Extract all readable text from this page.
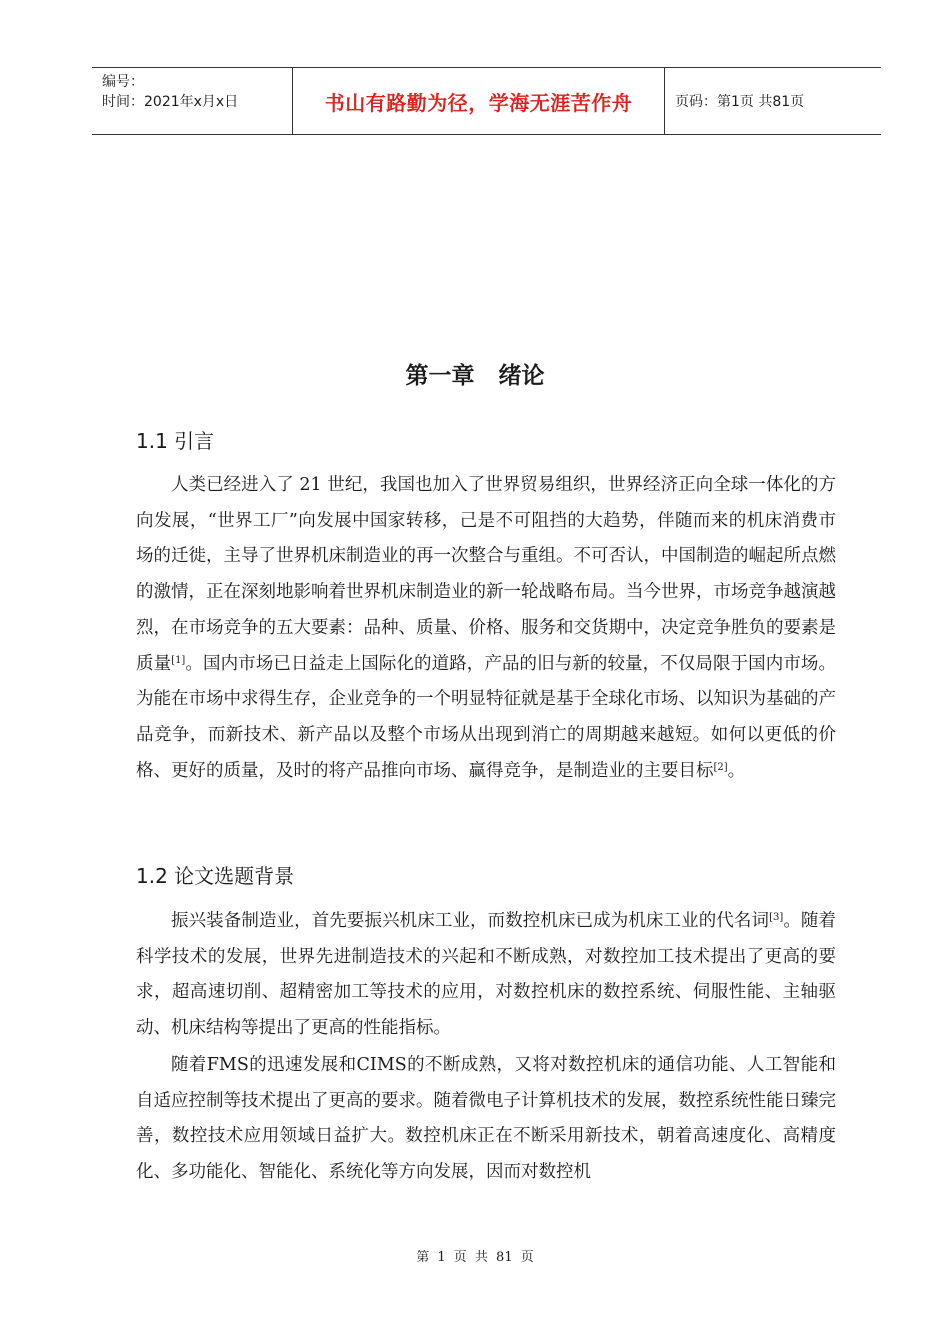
编号：
时间：2021年x月x日	书山有路勤为径，学海无涯苦作舟	页码：第1页 共81页
第一章   绪论
1.1 引言

人类已经进入了 21 世纪，我国也加入了世界贸易组织，世界经济正向全球一体化的方向发展，“世界工厂”向发展中国家转移，己是不可阻挡的大趋势，伴随而来的机床消费市场的迁徙，主导了世界机床制造业的再一次整合与重组。不可否认，中国制造的崛起所点燃的激情，正在深刻地影响着世界机床制造业的新一轮战略布局。当今世界，市场竞争越演越烈，在市场竞争的五大要素：品种、质量、价格、服务和交货期中，决定竞争胜负的要素是质量[1]。国内市场已日益走上国际化的道路，产品的旧与新的较量，不仅局限于国内市场。为能在市场中求得生存，企业竞争的一个明显特征就是基于全球化市场、以知识为基础的产品竞争，而新技术、新产品以及整个市场从出现到消亡的周期越来越短。如何以更低的价格、更好的质量，及时的将产品推向市场、赢得竞争，是制造业的主要目标[2]。

1.2 论文选题背景

振兴装备制造业，首先要振兴机床工业，而数控机床已成为机床工业的代名词[3]。随着科学技术的发展，世界先进制造技术的兴起和不断成熟，对数控加工技术提出了更高的要求，超高速切削、超精密加工等技术的应用，对数控机床的数控系统、伺服性能、主轴驱动、机床结构等提出了更高的性能指标。

随着FMS的迅速发展和CIMS的不断成熟，又将对数控机床的通信功能、人工智能和自适应控制等技术提出了更高的要求。随着微电子计算机技术的发展，数控系统性能日臻完善，数控技术应用领域日益扩大。数控机床正在不断采用新技术，朝着高速度化、高精度化、多功能化、智能化、系统化等方向发展，因而对数控机

第 1 页 共 81 页
